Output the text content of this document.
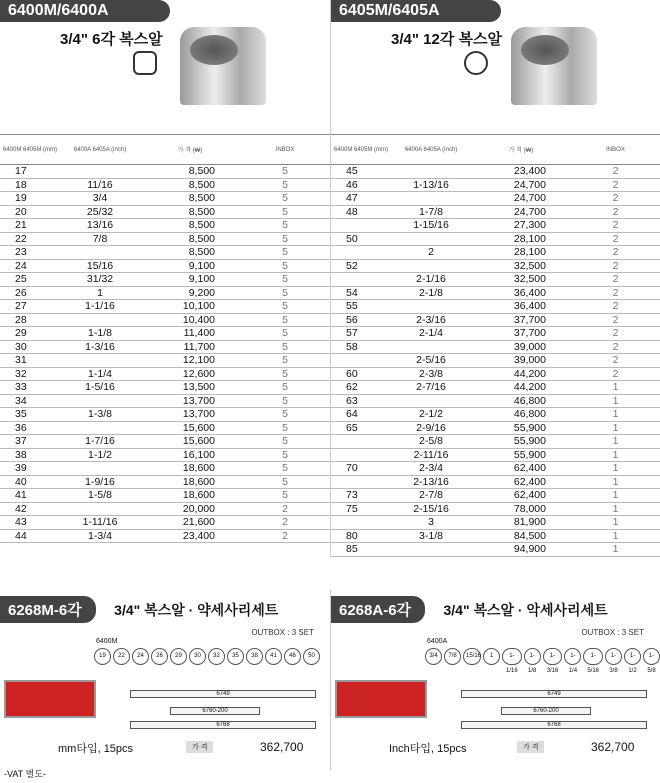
6400M/6400A
3/4" 6각 복스알
6400M 6405M (mm)	6400A 6405A (inch)	가 격 (₩)	INBOX
17		8,500	5
18	11/16	8,500	5
19	3/4	8,500	5
20	25/32	8,500	5
21	13/16	8,500	5
22	7/8	8,500	5
23		8,500	5
24	15/16	9,100	5
25	31/32	9,100	5
26	1	9,200	5
27	1-1/16	10,100	5
28		10,400	5
29	1-1/8	11,400	5
30	1-3/16	11,700	5
31		12,100	5
32	1-1/4	12,600	5
33	1-5/16	13,500	5
34		13,700	5
35	1-3/8	13,700	5
36		15,600	5
37	1-7/16	15,600	5
38	1-1/2	16,100	5
39		18,600	5
40	1-9/16	18,600	5
41	1-5/8	18,600	5
42		20,000	2
43	1-11/16	21,600	2
44	1-3/4	23,400	2
6405M/6405A
3/4" 12각 복스알
6400M 6405M (mm)	6400A 6405A (inch)	가 격 (₩)	INBOX
45		23,400	2
46	1-13/16	24,700	2
47		24,700	2
48	1-7/8	24,700	2
	1-15/16	27,300	2
50		28,100	2
	2	28,100	2
52		32,500	2
	2-1/16	32,500	2
54	2-1/8	36,400	2
55		36,400	2
56	2-3/16	37,700	2
57	2-1/4	37,700	2
58		39,000	2
	2-5/16	39,000	2
60	2-3/8	44,200	2
62	2-7/16	44,200	1
63		46,800	1
64	2-1/2	46,800	1
65	2-9/16	55,900	1
	2-5/8	55,900	1
	2-11/16	55,900	1
70	2-3/4	62,400	1
	2-13/16	62,400	1
73	2-7/8	62,400	1
75	2-15/16	78,000	1
	3	81,900	1
80	3-1/8	84,500	1
85		94,900	1
6268M-6각 3/4" 복스알 · 약세사리세트
OUTBOX : 3 SET
6400M
19	22	24	26	29	30	32	35	38	41	46	50
6749
6760-200
6768
mm타입, 15pcs	가 격	362,700
6268A-6각 3/4" 복스알 · 악세사리세트
OUTBOX : 3 SET
6400A
3/4	7/8	15/16	1	1-1/16
1-1/8
1-3/16
1-1/4
1-5/16
1-3/8
1-1/2
1-5/8
6749
6760-200
6768
Inch타입, 15pcs	가 격	362,700
-VAT 별도-
